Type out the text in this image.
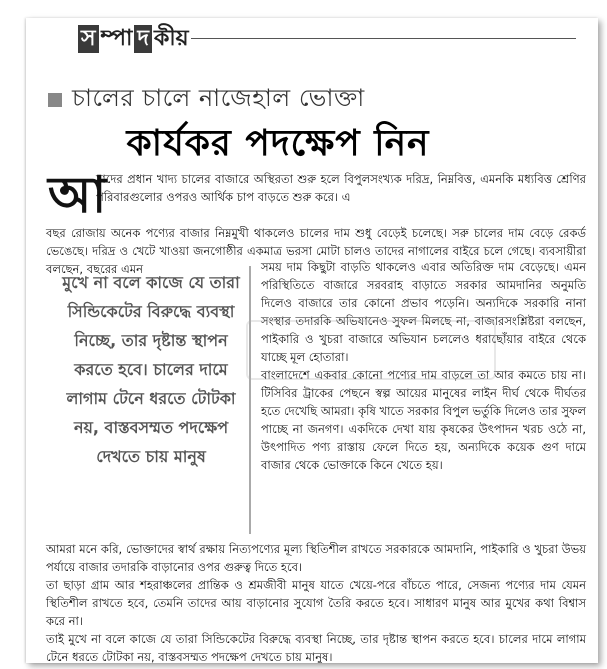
স ম্পা দ কীয়
চালের চালে নাজেহাল ভোক্তা
কার্যকর পদক্ষেপ নিন
আ
মাদের প্রধান খাদ্য চালের বাজারে অস্থিরতা শুরু হলে বিপুলসংখ্যক দরিদ্র, নিম্নবিত্ত, এমনকি মধ্যবিত্ত শ্রেণির পরিবারগুলোর ওপরও আর্থিক চাপ বাড়তে শুরু করে। এ
বছর রোজায় অনেক পণ্যের বাজার নিম্নমুখী থাকলেও চালের দাম শুধু বেড়েই চলেছে। সরু চালের দাম বেড়ে রেকর্ড ভেঙেছে। দরিদ্র ও খেটে খাওয়া জনগোষ্ঠীর একমাত্র ভরসা মোটা চালও তাদের নাগালের বাইরে চলে গেছে। ব্যবসায়ীরা বলছেন, বছরের এমন
মুখে না বলে কাজে যে তারা সিন্ডিকেটের বিরুদ্ধে ব্যবস্থা নিচ্ছে, তার দৃষ্টান্ত স্থাপন করতে হবে। চালের দামে লাগাম টেনে ধরতে টোটকা নয়, বাস্তবসম্মত পদক্ষেপ দেখতে চায় মানুষ

সময় দাম কিছুটা বাড়তি থাকলেও এবার অতিরিক্ত দাম বেড়েছে। এমন পরিস্থিতিতে বাজারে সরবরাহ বাড়াতে সরকার আমদানির অনুমতি দিলেও বাজারে তার কোনো প্রভাব পড়েনি। অন্যদিকে সরকারি নানা সংস্থার তদারকি অভিযানেও সুফল মিলছে না, বাজারসংশ্লিষ্টরা বলছেন, পাইকারি ও খুচরা বাজারে অভিযান চললেও ধরাছোঁয়ার বাইরে থেকে যাচ্ছে মূল হোতারা।

বাংলাদেশে একবার কোনো পণ্যের দাম বাড়লে তা আর কমতে চায় না। টিসিবির ট্রাকের পেছনে স্বল্প আয়ের মানুষের লাইন দীর্ঘ থেকে দীর্ঘতর হতে দেখেছি আমরা। কৃষি খাতে সরকার বিপুল ভর্তুকি দিলেও তার সুফল পাচ্ছে না জনগণ। একদিকে দেখা যায় কৃষকের উৎপাদন খরচ ওঠে না, উৎপাদিত পণ্য রাস্তায় ফেলে দিতে হয়, অন্যদিকে কয়েক গুণ দামে বাজার থেকে ভোক্তাকে কিনে খেতে হয়।

আমরা মনে করি, ভোক্তাদের স্বার্থ রক্ষায় নিত্যপণ্যের মূল্য স্থিতিশীল রাখতে সরকারকে আমদানি, পাইকারি ও খুচরা উভয় পর্যায়ে বাজার তদারকি বাড়ানোর ওপর গুরুত্ব দিতে হবে।

তা ছাড়া গ্রাম আর শহরাঞ্চলের প্রান্তিক ও শ্রমজীবী মানুষ যাতে খেয়ে-পরে বাঁচতে পারে, সেজন্য পণ্যের দাম যেমন স্থিতিশীল রাখতে হবে, তেমনি তাদের আয় বাড়ানোর সুযোগ তৈরি করতে হবে। সাধারণ মানুষ আর মুখের কথা বিশ্বাস করে না।

তাই মুখে না বলে কাজে যে তারা সিন্ডিকেটের বিরুদ্ধে ব্যবস্থা নিচ্ছে, তার দৃষ্টান্ত স্থাপন করতে হবে। চালের দামে লাগাম টেনে ধরতে টোটকা নয়, বাস্তবসম্মত পদক্ষেপ দেখতে চায় মানুষ।
